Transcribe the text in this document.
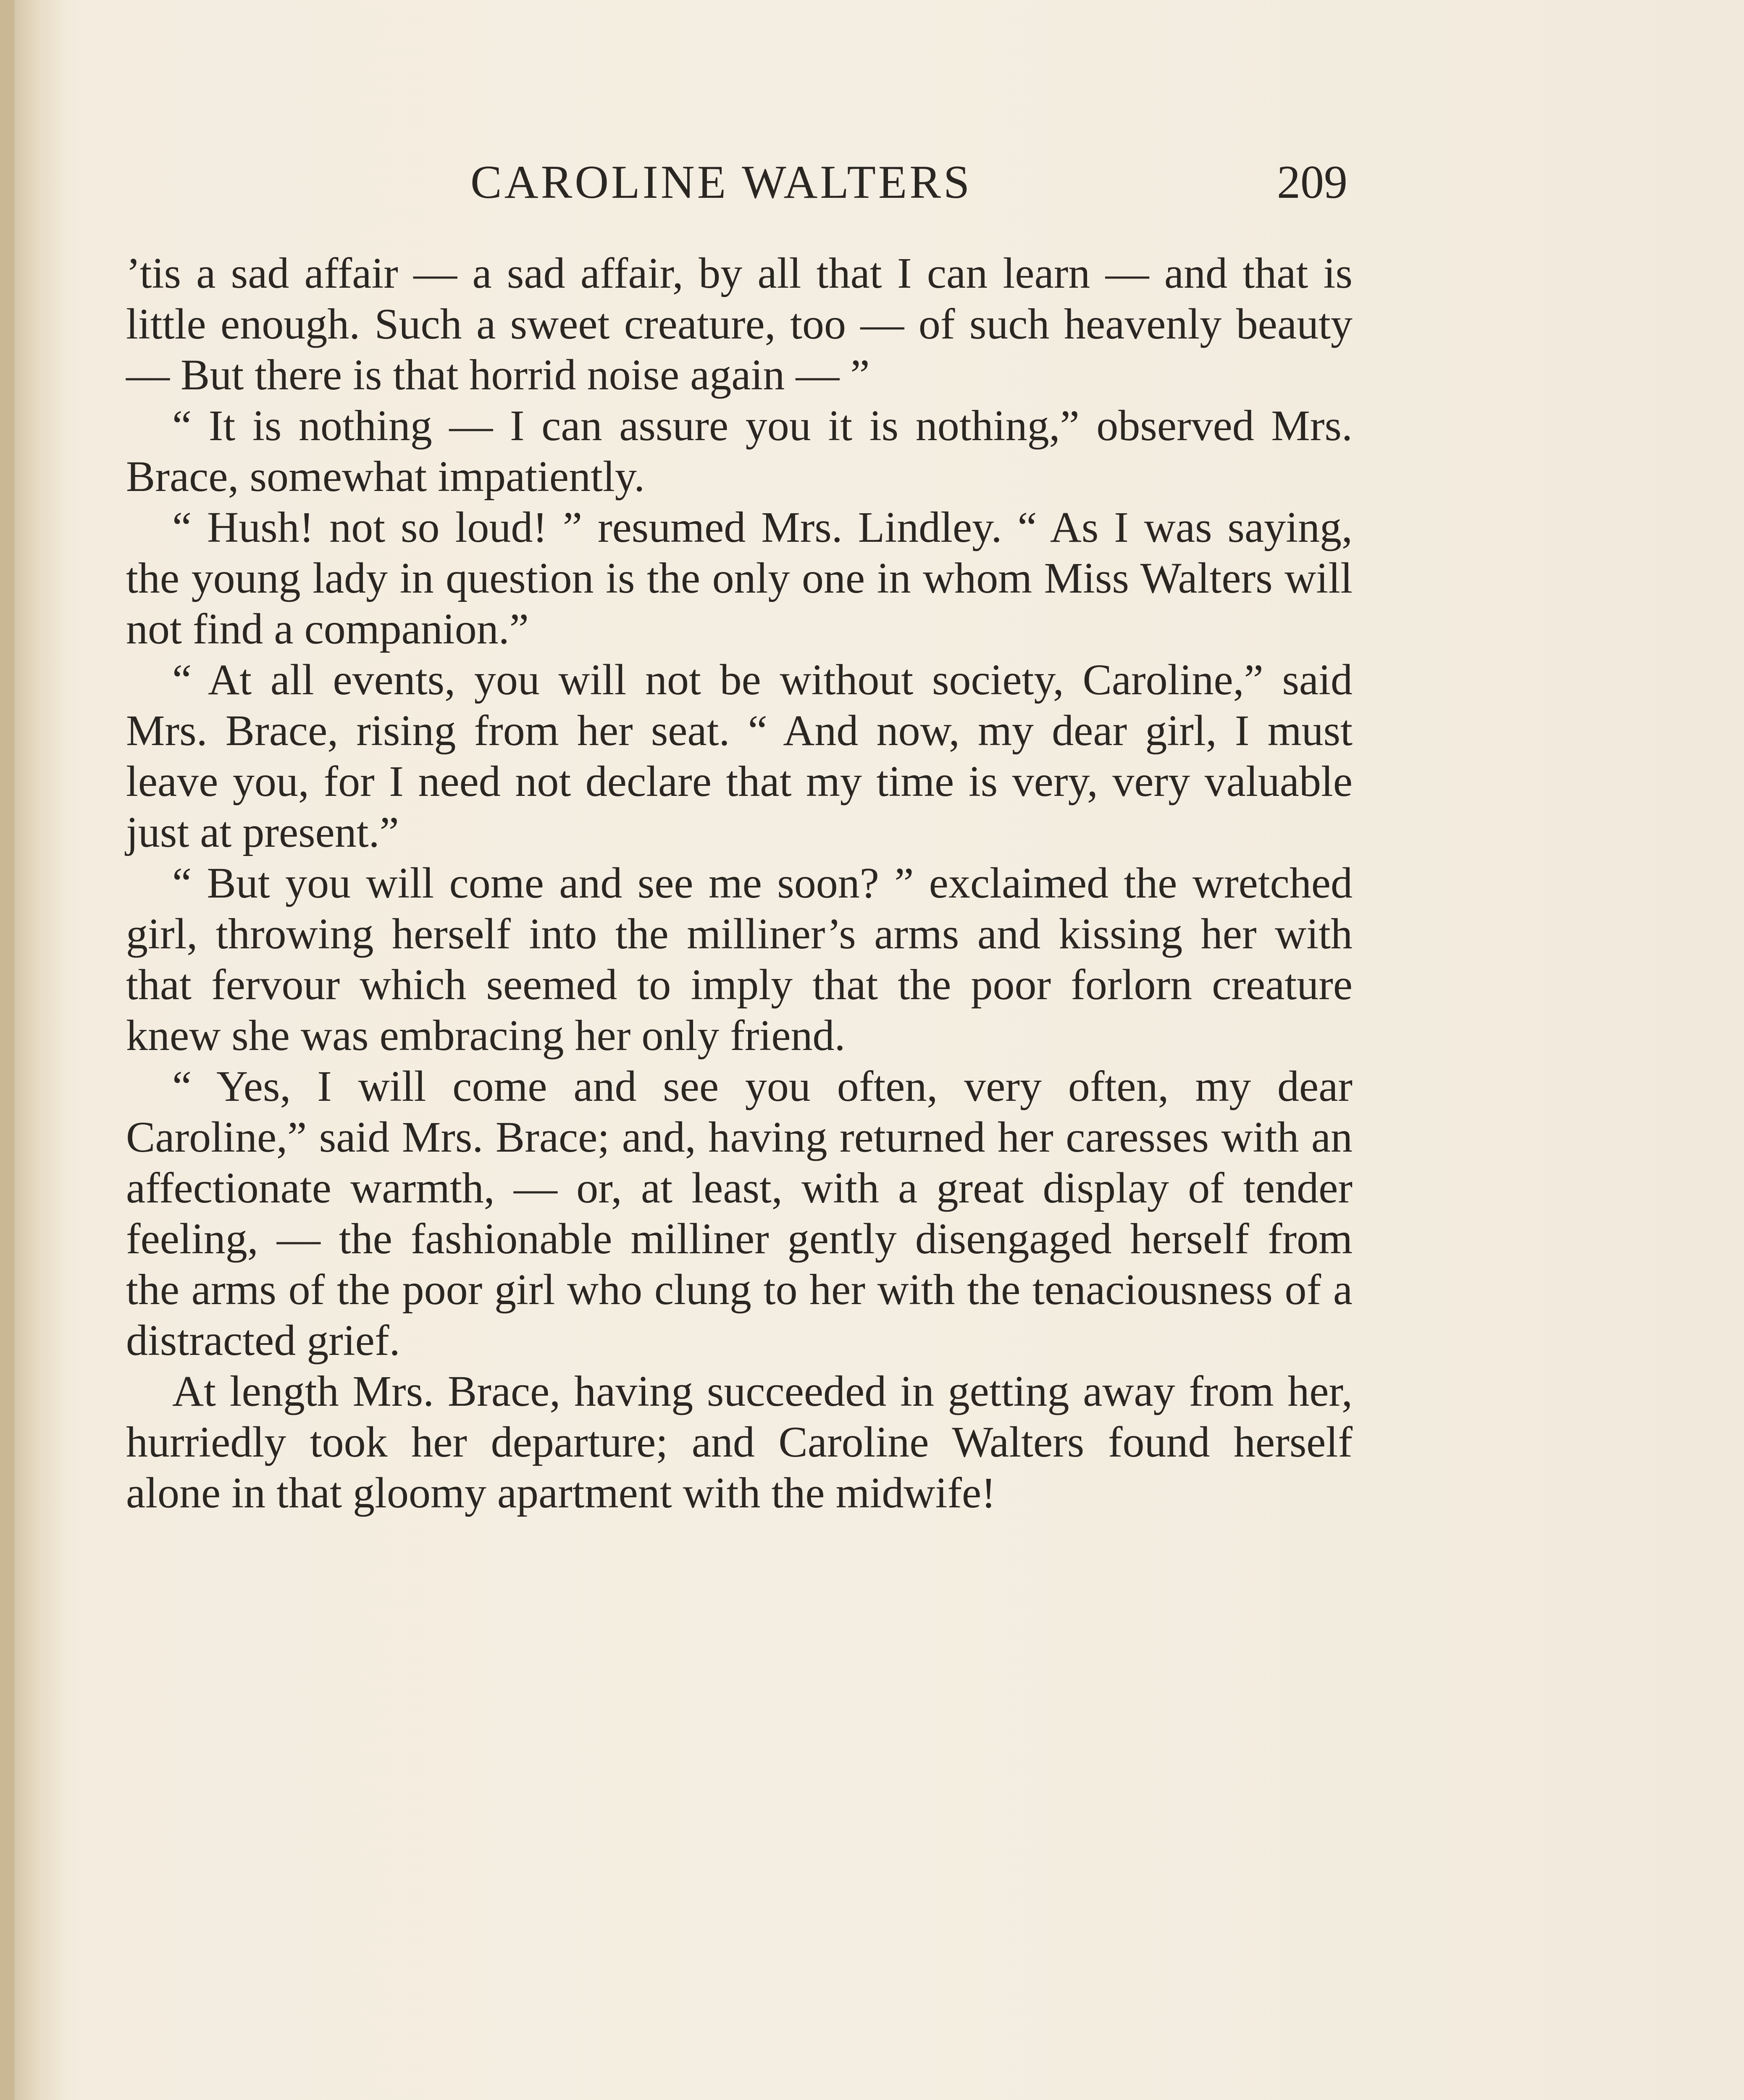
CAROLINE WALTERS	209

’tis a sad affair — a sad affair, by all that I can learn — and that is little enough. Such a sweet creature, too — of such heavenly beauty — But there is that horrid noise again — ”

“ It is nothing — I can assure you it is nothing,” observed Mrs. Brace, somewhat impatiently.

“ Hush! not so loud! ” resumed Mrs. Lindley. “ As I was saying, the young lady in question is the only one in whom Miss Walters will not find a companion.”

“ At all events, you will not be without society, Caroline,” said Mrs. Brace, rising from her seat. “ And now, my dear girl, I must leave you, for I need not declare that my time is very, very valuable just at present.”

“ But you will come and see me soon? ” exclaimed the wretched girl, throwing herself into the milliner’s arms and kissing her with that fervour which seemed to imply that the poor forlorn creature knew she was embracing her only friend.

“ Yes, I will come and see you often, very often, my dear Caroline,” said Mrs. Brace; and, having returned her caresses with an affectionate warmth, — or, at least, with a great display of tender feeling, — the fashionable milliner gently disengaged herself from the arms of the poor girl who clung to her with the tenaciousness of a distracted grief.

At length Mrs. Brace, having succeeded in getting away from her, hurriedly took her departure; and Caroline Walters found herself alone in that gloomy apartment with the midwife!
